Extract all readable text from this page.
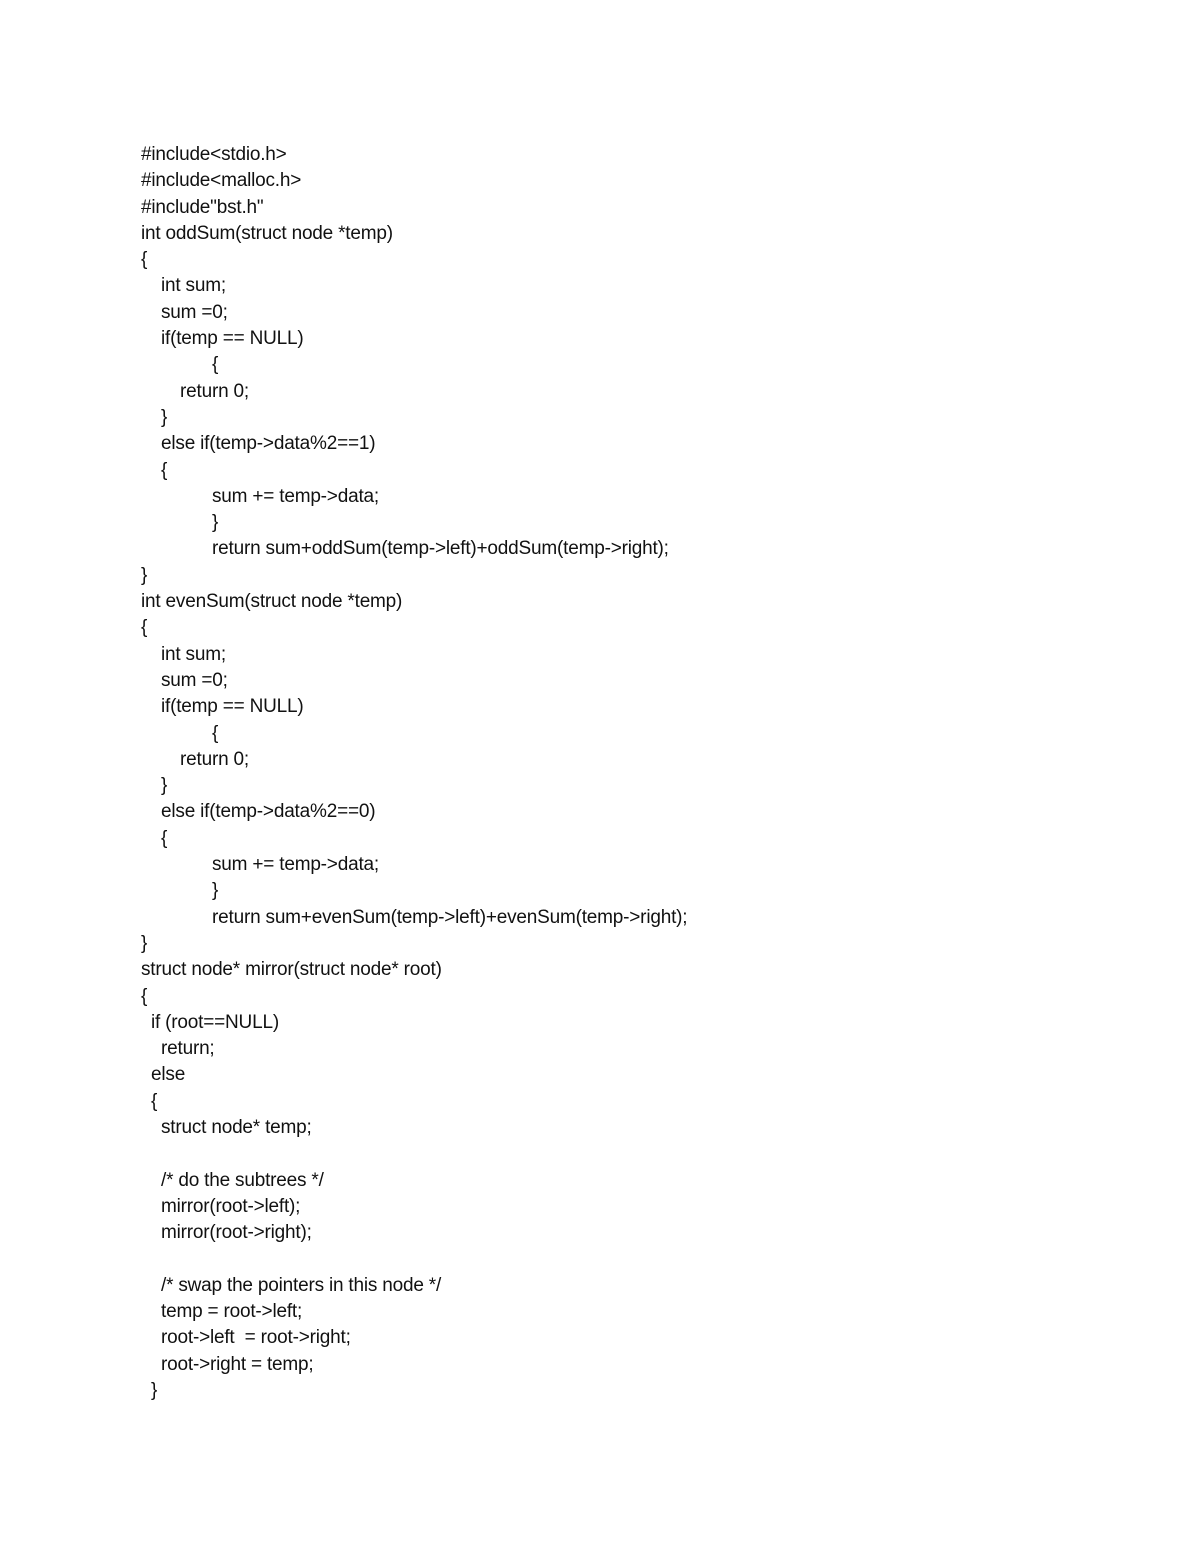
#include<stdio.h>
#include<malloc.h>
#include"bst.h"
int oddSum(struct node *temp)
{
int sum;
sum =0;
if(temp == NULL)
{
return 0;
}
else if(temp->data%2==1)
{
sum += temp->data;
}
return sum+oddSum(temp->left)+oddSum(temp->right);
}
int evenSum(struct node *temp)
{
int sum;
sum =0;
if(temp == NULL)
{
return 0;
}
else if(temp->data%2==0)
{
sum += temp->data;
}
return sum+evenSum(temp->left)+evenSum(temp->right);
}
struct node* mirror(struct node* root)
{
if (root==NULL)
return;
else
{
struct node* temp;
/* do the subtrees */
mirror(root->left);
mirror(root->right);
/* swap the pointers in this node */
temp = root->left;
root->left  = root->right;
root->right = temp;
}
